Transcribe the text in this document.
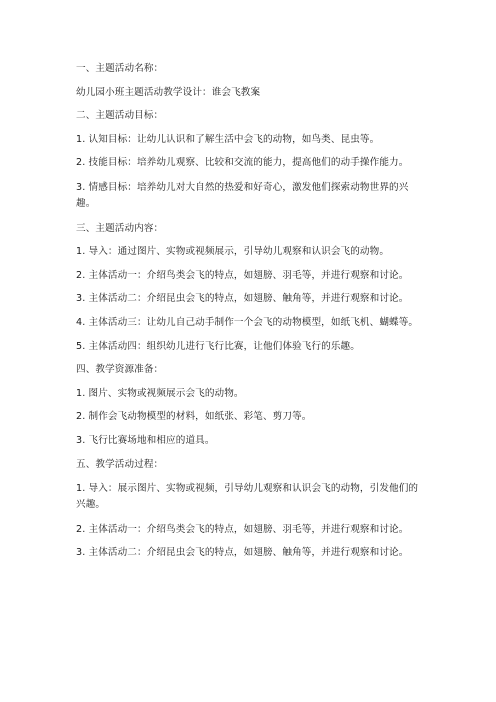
一、主题活动名称：
幼儿园小班主题活动教学设计：谁会飞教案
二、主题活动目标：
1. 认知目标：让幼儿认识和了解生活中会飞的动物，如鸟类、昆虫等。
2. 技能目标：培养幼儿观察、比较和交流的能力，提高他们的动手操作能力。
3. 情感目标：培养幼儿对大自然的热爱和好奇心，激发他们探索动物世界的兴趣。
三、主题活动内容：
1. 导入：通过图片、实物或视频展示，引导幼儿观察和认识会飞的动物。
2. 主体活动一：介绍鸟类会飞的特点，如翅膀、羽毛等，并进行观察和讨论。
3. 主体活动二：介绍昆虫会飞的特点，如翅膀、触角等，并进行观察和讨论。
4. 主体活动三：让幼儿自己动手制作一个会飞的动物模型，如纸飞机、蝴蝶等。
5. 主体活动四：组织幼儿进行飞行比赛，让他们体验飞行的乐趣。
四、教学资源准备：
1. 图片、实物或视频展示会飞的动物。
2. 制作会飞动物模型的材料，如纸张、彩笔、剪刀等。
3. 飞行比赛场地和相应的道具。
五、教学活动过程：
1. 导入：展示图片、实物或视频，引导幼儿观察和认识会飞的动物，引发他们的兴趣。
2. 主体活动一：介绍鸟类会飞的特点，如翅膀、羽毛等，并进行观察和讨论。
3. 主体活动二：介绍昆虫会飞的特点，如翅膀、触角等，并进行观察和讨论。
